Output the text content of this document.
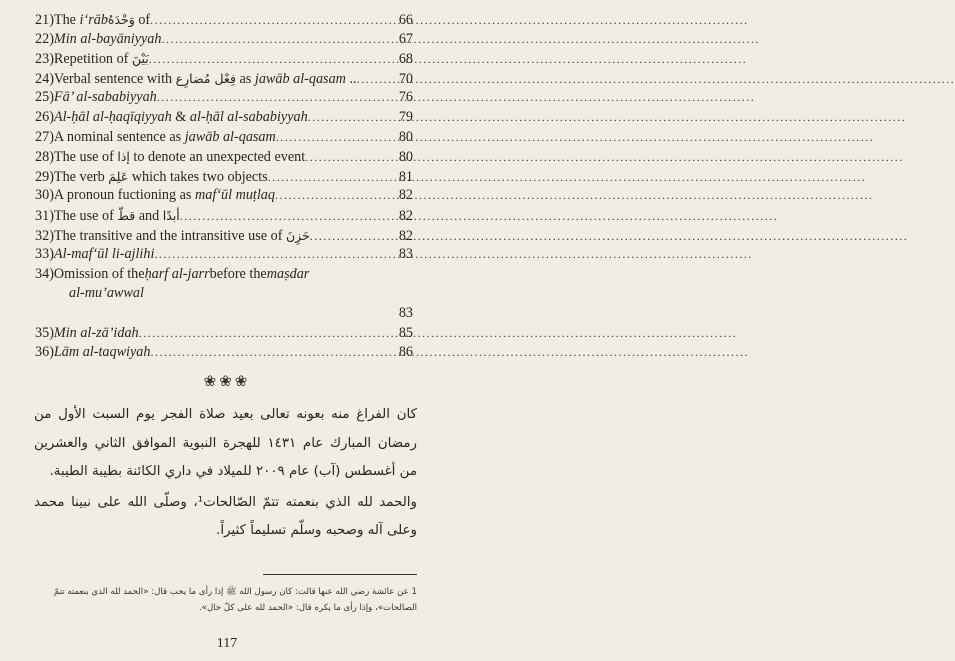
21)The i‘rābوَحْدَهُ of .....	66
22)Min al-bayāniyyah .....	67
23)Repetition of بَيْنَ .....	68
24)Verbal sentence with فِعْل مُضارِع as jawāb al-qasam .. .....	70
25)Fā’ al-sababiyyah .....	76
26)Al-ḥāl al-ḥaqīqiyyah & al-ḥāl al-sababiyyah .....	79
27)A nominal sentence as jawāb al-qasam .....	80
28)The use of إذا to denote an unexpected event .....	80
29)The verb عَلِمَ which takes two objects .....	81
30)A pronoun fuctioning as maf‘ūl muṭlaq .....	82
31)The use of قطّ and أبدًا .....	82
32)The transitive and the intransitive use of حَزِنَ .....	82
33)Al-maf‘ūl li-ajlihi .....	83
34) Omission of the ḥarf al-jarr before the maṣdar
al-mu’awwal
83
35)Min al-zā’idah .....	85
36)Lām al-taqwiyah .....	86
❀❀❀

كان الفراغ منه بعونه تعالى بعيد صلاة الفجر يوم السبت الأول من رمضان المبارك عام ١٤٣١ للهجرة النبوية الموافق الثاني والعشرين من أغسطس (آب) عام ٢٠٠٩ للميلاد في داري الكائنة بطيبة الطيبة.

والحمد لله الذي بنعمته تتمّ الصّالحات¹، وصلّى الله على نبينا محمد وعلى آله وصحبه وسلّم تسليماً كثيراً.

1 عن عائشة رضي الله عنها قالت: كان رسول الله ﷺ إذا رأى ما يحب قال: «الحمد لله الذي بنعمته تتمّ الصالحات»، وإذا رأى ما يكره قال: «الحمد لله على كلّ حال».
117
